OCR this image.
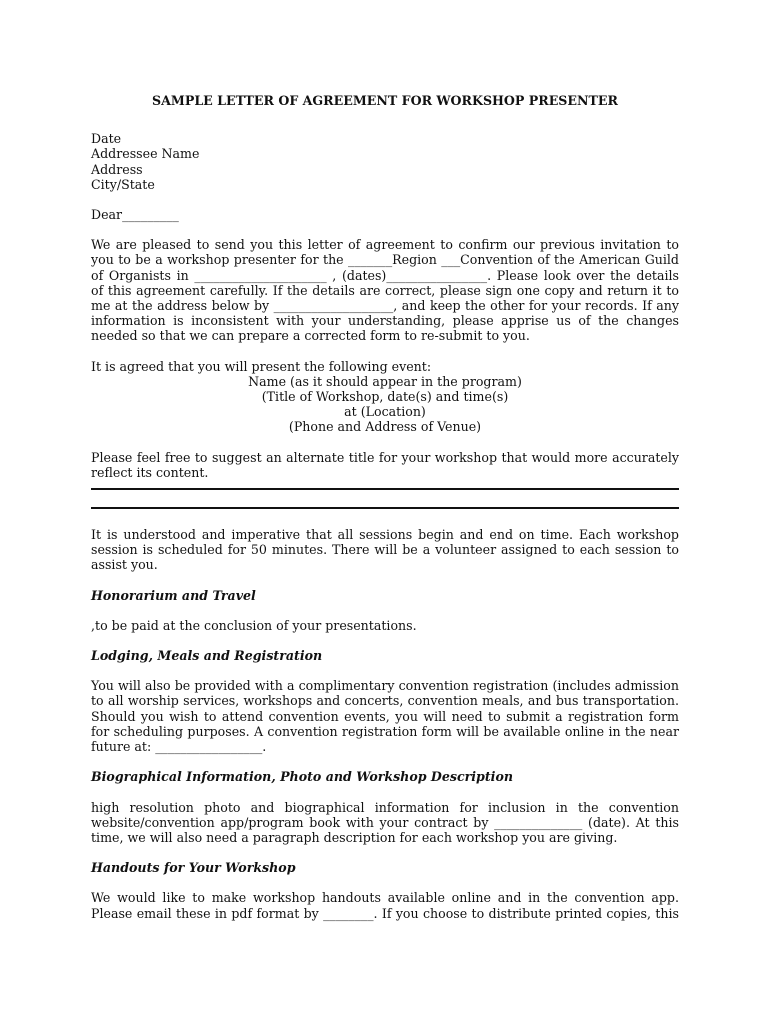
SAMPLE LETTER OF AGREEMENT FOR WORKSHOP PRESENTER

Date

Addressee Name

Address

City/State

Dear_________

We are pleased to send you this letter of agreement to confirm our previous invitation to

you to be a workshop presenter for the _______Region ___Convention of the American Guild

of Organists in _____________________ , (dates)________________. Please look over the details

of this agreement carefully. If the details are correct, please sign one copy and return it to

me at the address below by ___________________, and keep the other for your records. If any

information is inconsistent with your understanding, please apprise us of the changes

needed so that we can prepare a corrected form to re-submit to you.

It is agreed that you will present the following event:

Name (as it should appear in the program)

(Title of Workshop, date(s) and time(s)

at (Location)

(Phone and Address of Venue)

Please feel free to suggest an alternate title for your workshop that would more accurately

reflect its content.

It is understood and imperative that all sessions begin and end on time. Each workshop

session is scheduled for 50 minutes. There will be a volunteer assigned to each session to

assist you.

Honorarium and Travel

,to be paid at the conclusion of your presentations.

Lodging, Meals and Registration

You will also be provided with a complimentary convention registration (includes admission

to all worship services, workshops and concerts, convention meals, and bus transportation.

Should you wish to attend convention events, you will need to submit a registration form

for scheduling purposes. A convention registration form will be available online in the near

future at: _________________.

Biographical Information, Photo and Workshop Description

high resolution photo and biographical information for inclusion in the convention

website/convention app/program book with your contract by ______________ (date). At this

time, we will also need a paragraph description for each workshop you are giving.

Handouts for Your Workshop

We would like to make workshop handouts available online and in the convention app.

Please email these in pdf format by ________. If you choose to distribute printed copies, this
